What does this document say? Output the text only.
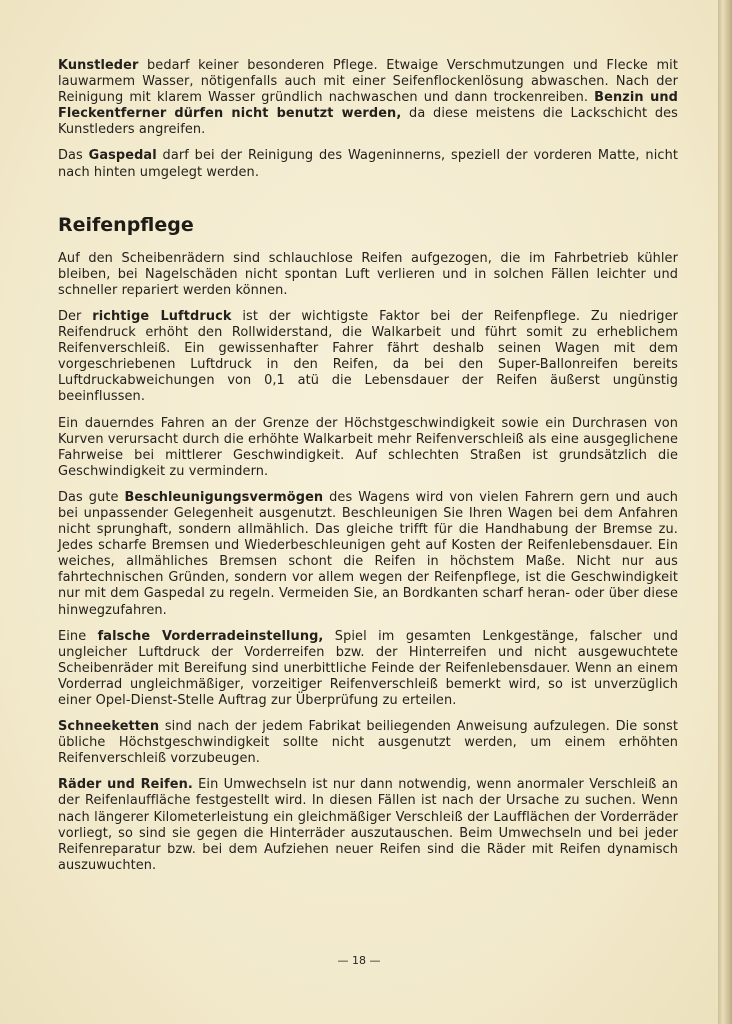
Kunstleder bedarf keiner besonderen Pflege. Etwaige Verschmutzungen und Flecke mit lauwarmem Wasser, nötigenfalls auch mit einer Seifenflockenlösung abwaschen. Nach der Reinigung mit klarem Wasser gründlich nachwaschen und dann trockenreiben. Benzin und Fleckentferner dürfen nicht benutzt werden, da diese meistens die Lackschicht des Kunstleders angreifen.

Das Gaspedal darf bei der Reinigung des Wageninnerns, speziell der vorderen Matte, nicht nach hinten umgelegt werden.

Reifenpflege

Auf den Scheibenrädern sind schlauchlose Reifen aufgezogen, die im Fahrbetrieb kühler bleiben, bei Nagelschäden nicht spontan Luft verlieren und in solchen Fällen leichter und schneller repariert werden können.

Der richtige Luftdruck ist der wichtigste Faktor bei der Reifenpflege. Zu niedriger Reifendruck erhöht den Rollwiderstand, die Walkarbeit und führt somit zu erheblichem Reifenverschleiß. Ein gewissenhafter Fahrer fährt deshalb seinen Wagen mit dem vorgeschriebenen Luftdruck in den Reifen, da bei den Super-Ballonreifen bereits Luftdruckabweichungen von 0,1 atü die Lebensdauer der Reifen äußerst ungünstig beeinflussen.

Ein dauerndes Fahren an der Grenze der Höchstgeschwindigkeit sowie ein Durchrasen von Kurven verursacht durch die erhöhte Walkarbeit mehr Reifenverschleiß als eine ausgeglichene Fahrweise bei mittlerer Geschwindigkeit. Auf schlechten Straßen ist grundsätzlich die Geschwindigkeit zu vermindern.

Das gute Beschleunigungsvermögen des Wagens wird von vielen Fahrern gern und auch bei unpassender Gelegenheit ausgenutzt. Beschleunigen Sie Ihren Wagen bei dem Anfahren nicht sprunghaft, sondern allmählich. Das gleiche trifft für die Handhabung der Bremse zu. Jedes scharfe Bremsen und Wiederbeschleunigen geht auf Kosten der Reifenlebensdauer. Ein weiches, allmähliches Bremsen schont die Reifen in höchstem Maße. Nicht nur aus fahrtechnischen Gründen, sondern vor allem wegen der Reifenpflege, ist die Geschwindigkeit nur mit dem Gaspedal zu regeln. Vermeiden Sie, an Bordkanten scharf heran- oder über diese hinwegzufahren.

Eine falsche Vorderradeinstellung, Spiel im gesamten Lenkgestänge, falscher und ungleicher Luftdruck der Vorderreifen bzw. der Hinterreifen und nicht ausgewuchtete Scheibenräder mit Bereifung sind unerbittliche Feinde der Reifenlebensdauer. Wenn an einem Vorderrad ungleichmäßiger, vorzeitiger Reifenverschleiß bemerkt wird, so ist unverzüglich einer Opel-Dienst-Stelle Auftrag zur Überprüfung zu erteilen.

Schneeketten sind nach der jedem Fabrikat beiliegenden Anweisung aufzulegen. Die sonst übliche Höchstgeschwindigkeit sollte nicht ausgenutzt werden, um einem erhöhten Reifenverschleiß vorzubeugen.

Räder und Reifen. Ein Umwechseln ist nur dann notwendig, wenn anormaler Verschleiß an der Reifenlauffläche festgestellt wird. In diesen Fällen ist nach der Ursache zu suchen. Wenn nach längerer Kilometerleistung ein gleichmäßiger Verschleiß der Laufflächen der Vorderräder vorliegt, so sind sie gegen die Hinterräder auszutauschen. Beim Umwechseln und bei jeder Reifenreparatur bzw. bei dem Aufziehen neuer Reifen sind die Räder mit Reifen dynamisch auszuwuchten.

— 18 —
